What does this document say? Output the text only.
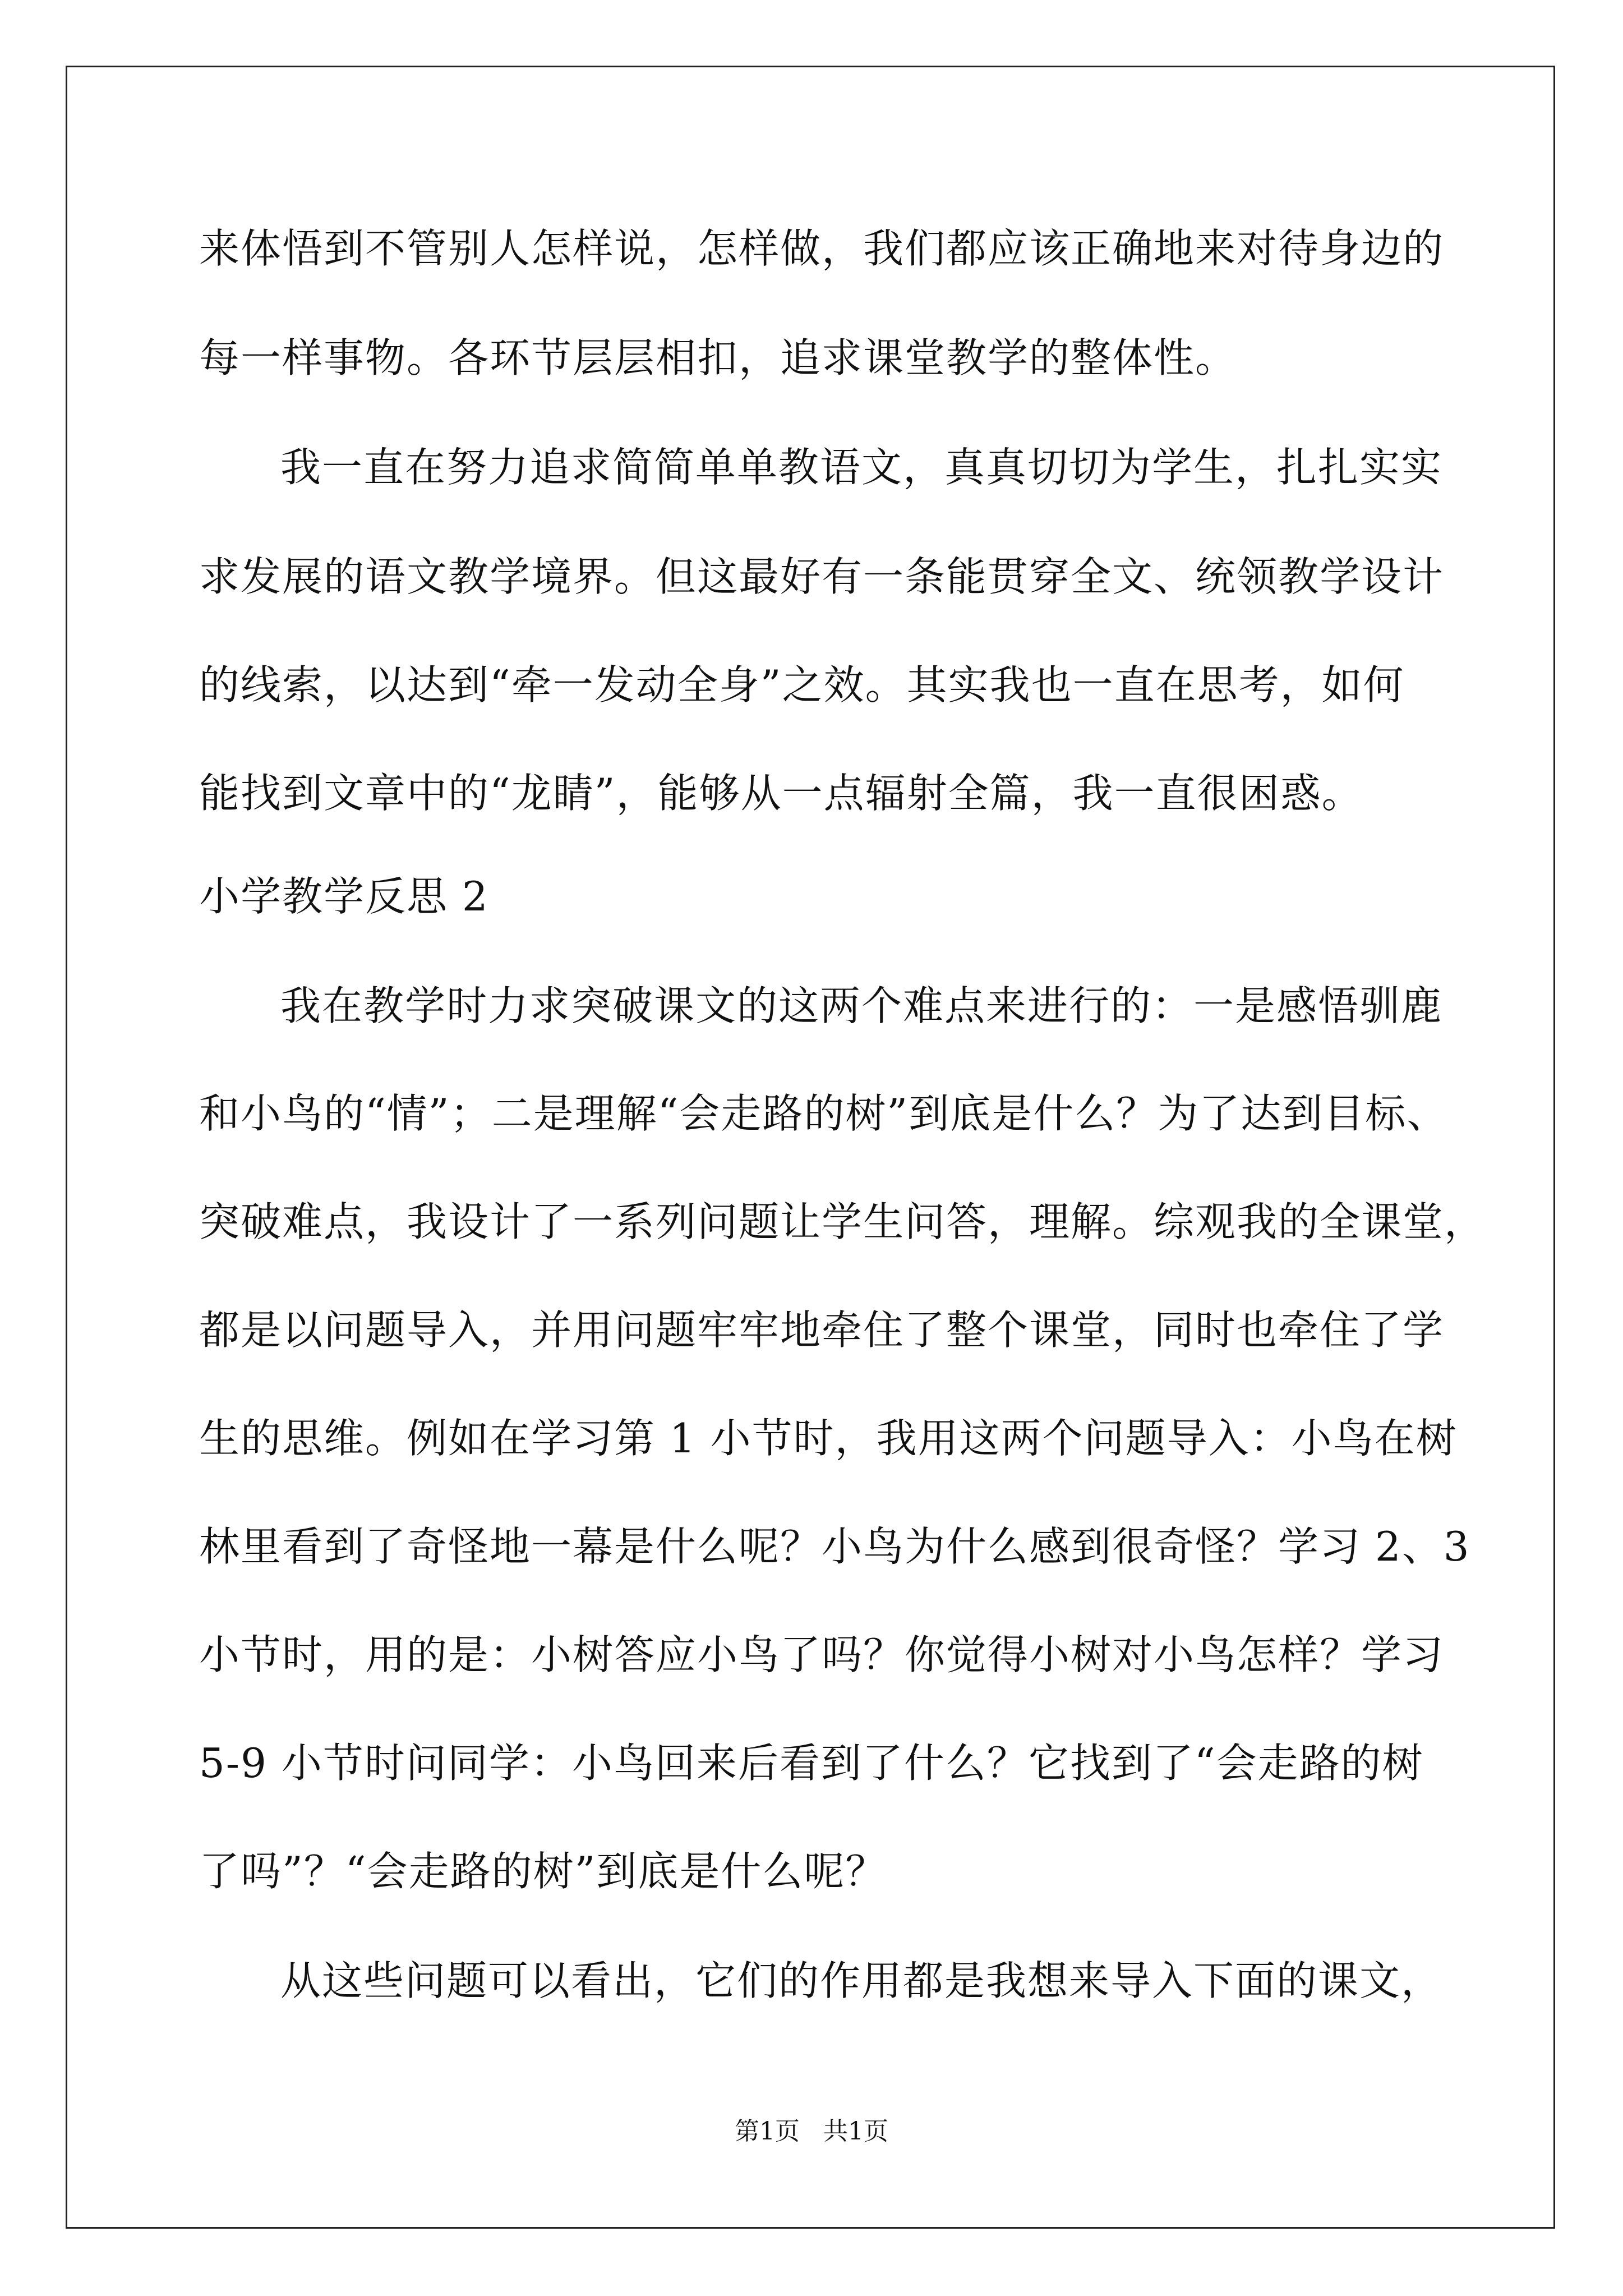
来体悟到不管别人怎样说，怎样做，我们都应该正确地来对待身边的
每一样事物。各环节层层相扣，追求课堂教学的整体性。
我一直在努力追求简简单单教语文，真真切切为学生，扎扎实实
求发展的语文教学境界。但这最好有一条能贯穿全文、统领教学设计
的线索，以达到“牵一发动全身”之效。其实我也一直在思考，如何
能找到文章中的“龙睛”，能够从一点辐射全篇，我一直很困惑。
小学教学反思 2
我在教学时力求突破课文的这两个难点来进行的：一是感悟驯鹿
和小鸟的“情”；二是理解“会走路的树”到底是什么？为了达到目标、
突破难点，我设计了一系列问题让学生问答，理解。综观我的全课堂，
都是以问题导入，并用问题牢牢地牵住了整个课堂，同时也牵住了学
生的思维。例如在学习第 1 小节时，我用这两个问题导入：小鸟在树
林里看到了奇怪地一幕是什么呢？小鸟为什么感到很奇怪？学习 2、3
小节时，用的是：小树答应小鸟了吗？你觉得小树对小鸟怎样？学习
5-9 小节时问同学：小鸟回来后看到了什么？它找到了“会走路的树
了吗”？“会走路的树”到底是什么呢？
从这些问题可以看出，它们的作用都是我想来导入下面的课文，
第1页   共1页
